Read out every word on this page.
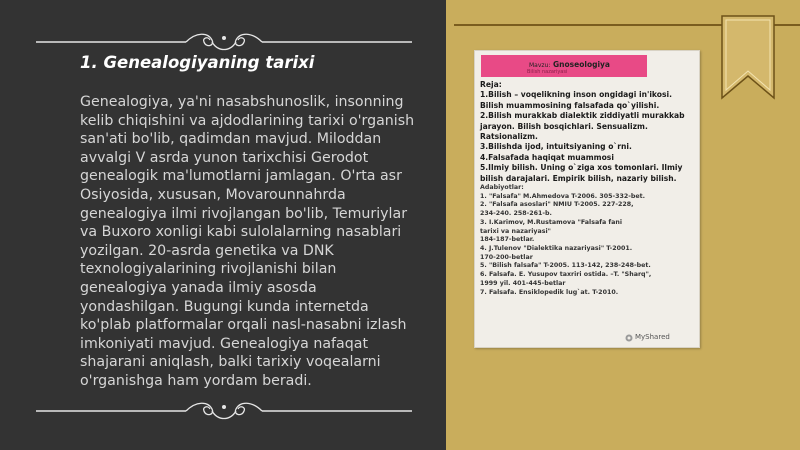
1. Genealogiyaning tarixi
Genealogiya, ya'ni nasabshunoslik, insonning kelib chiqishini va ajdodlarining tarixi o'rganish san'ati bo'lib, qadimdan mavjud. Miloddan avvalgi V asrda yunon tarixchisi Gerodot genealogik ma'lumotlarni jamlagan. O'rta asr Osiyosida, xususan, Movarounnahrda genealogiya ilmi rivojlangan bo'lib, Temuriylar va Buxoro xonligi kabi sulolalarning nasablari yozilgan. 20-asrda genetika va DNK texnologiyalarining rivojlanishi bilan genealogiya yanada ilmiy asosda yondashilgan. Bugungi kunda internetda ko'plab platformalar orqali nasl-nasabni izlash imkoniyati mavjud. Genealogiya nafaqat shajarani aniqlash, balki tarixiy voqealarni o'rganishga ham yordam beradi.
Mavzu: Gnoseologiya
Bilish nazariyasi
Reja:
1.Bilish – voqelikning inson ongidagi in'ikosi.
Bilish muammosining falsafada qo`yilishi.
2.Bilish murakkab dialektik ziddiyatli murakkab
jarayon. Bilish bosqichlari. Sensualizm.
Ratsionalizm.
3.Bilishda ijod, intuitsiyaning o`rni.
4.Falsafada haqiqat muammosi
5.Ilmiy bilish. Uning o`ziga xos tomonlari. Ilmiy
bilish darajalari. Empirik bilish, nazariy bilish.
Adabiyotlar:
1. "Falsafa" M.Ahmedova T-2006. 305-332-bet.
2. "Falsafa asoslari" NMIU T-2005. 227-228,
234-240. 258-261-b.
3. I.Karimov, M.Rustamova "Falsafa fani
tarixi va nazariyasi"
184-187-betlar.
4. J.Tulenov "Dialektika nazariyasi" T-2001.
170-200-betlar
5. "Bilish falsafa" T-2005. 113-142, 238-248-bet.
6. Falsafa. E. Yusupov taxriri ostida. –T. "Sharq",
1999 yil. 401-445-betlar
7. Falsafa. Ensiklopedik lug`at. T-2010.
MyShared
